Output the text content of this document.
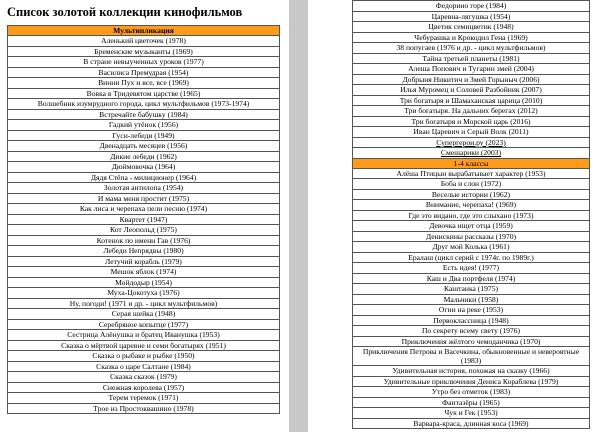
Список золотой коллекции кинофильмов
Мультипликация
Аленький цветочек (1978)
Бременские музыканты (1969)
В стране невыученных уроков (1977)
Василиса Премудрая (1954)
Винни Пух и все, все (1969)
Вовка в Тридевятом царстве (1965)
Волшебник изумрудного города, цикл мультфильмов (1973-1974)
Встречайте бабушку (1984)
Гадкий утёнок (1956)
Гуси-лебеди (1949)
Двенадцать месяцев (1956)
Дикие лебеди (1962)
Дюймовочка (1964)
Дядя Стёпа - милиционер (1964)
Золотая антилопа (1954)
И мама меня простит (1975)
Как лиса и черепаха пели песню (1974)
Квартет (1947)
Кот Леопольд (1975)
Котенок по имени Гав (1976)
Лебеди Непрядвы (1980)
Летучий корабль (1979)
Мешок яблок (1974)
Мойдодыр (1954)
Муха-Цокотуха (1976)
Ну, погоди! (1971 и др. - цикл мультфильмов)
Серая шейка (1948)
Серебряное копытце (1977)
Сестрица Алёнушка и братец Иванушка (1953)
Сказка о мёртвой царевне и семи богатырях (1951)
Сказка о рыбаке и рыбке (1950)
Сказка о царе Салтане (1984)
Сказка сказок (1979)
Снежная королева (1957)
Терем теремок (1971)
Трое из Простоквашино (1978)
Федорино горе (1984)
Царевна-лягушка (1954)
Цветик семицветик (1948)
Чебурашка и Крокодил Гена (1969)
38 попугаев (1976 и др. - цикл мультфильмов)
Тайна третьей планеты (1981)
Алеша Попович и Тугарин змей (2004)
Добрыня Никитич и Змей Горыныч (2006)
Илья Муромец и Соловей Разбойник (2007)
Три богатыря и Шамаханская царица (2010)
Три богатыря. На дальних берегах (2012)
Три богатыря и Морской царь (2016)
Иван Царевич и Серый Волк (2011)
Супергерои.ру (2023)
Смешарики (2003)
1-4 классы
Алёша Птицын вырабатывает характер (1953)
Боба и слон (1972)
Веселые истории (1962)
Внимание, черепаха! (1969)
Где это видано, где это слыхано (1973)
Девочка ищет отца (1959)
Денискины рассказы (1970)
Друг мой Колька (1961)
Ералаш (цикл серий с 1974г. по 1989г.)
Есть идея! (1977)
Каш и Два портфеля (1974)
Каштанка (1975)
Мальчики (1958)
Огни на реке (1953)
Первоклассница (1948)
По секрету всему свету (1976)
Приключения жёлтого чемоданчика (1970)
Приключения Петрова и Васечкина, обыкновенные и невероятные (1983)
Удивительная история, похожая на сказку (1966)
Удивительные приключения Дениса Кораблева (1979)
Утро без отметок (1983)
Фантазёры (1965)
Чук и Гек (1953)
Варвара-краса, длинная коса (1969)
